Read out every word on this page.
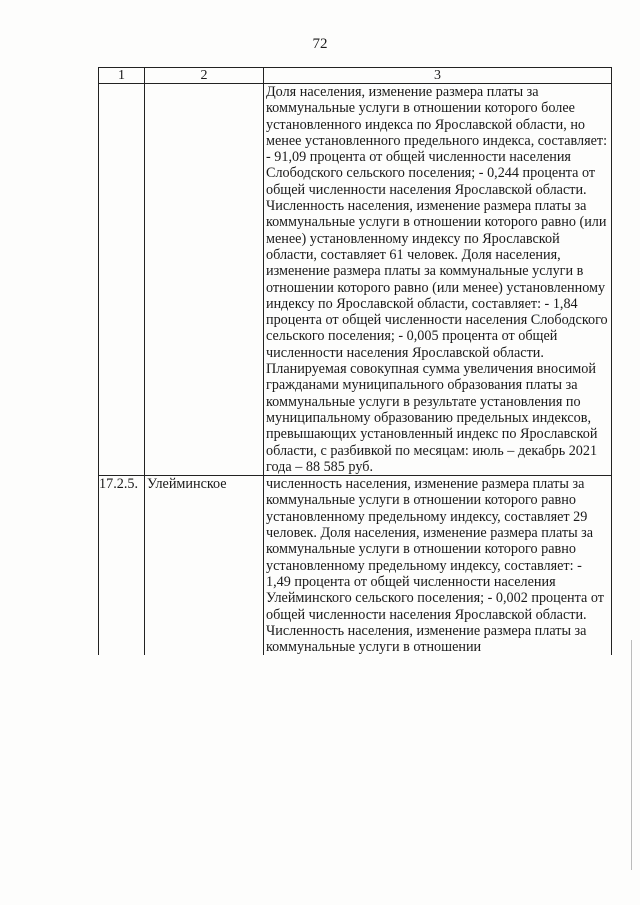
72
1	2	3

		Доля населения, изменение размера платы за коммунальные услуги в отношении которого более установленного индекса по Ярославской области, но менее установленного предельного индекса, составляет: - 91,09 процента от общей численности населения Слободского сельского поселения; - 0,244 процента от общей численности населения Ярославской области. Численность населения, изменение размера платы за коммунальные услуги в отношении которого равно (или менее) установленному индексу по Ярославской области, составляет 61 человек. Доля населения, изменение размера платы за коммунальные услуги в отношении которого равно (или менее) установленному индексу по Ярославской области, составляет: - 1,84 процента от общей численности населения Слободского сельского поселения; - 0,005 процента от общей численности населения Ярославской области. Планируемая совокупная сумма увеличения вносимой гражданами муниципального образования платы за коммунальные услуги в результате установления по муниципальному образованию предельных индексов, превышающих установленный индекс по Ярославской области, с разбивкой по месяцам: июль – декабрь 2021 года – 88 585 руб.

17.2.5.	Улейминское	численность населения, изменение размера платы за коммунальные услуги в отношении которого равно установленному предельному индексу, составляет 29 человек. Доля населения, изменение размера платы за коммунальные услуги в отношении которого равно установленному предельному индексу, составляет: - 1,49 процента от общей численности населения Улейминского сельского поселения; - 0,002 процента от общей численности населения Ярославской области. Численность населения, изменение размера платы за коммунальные услуги в отношении
